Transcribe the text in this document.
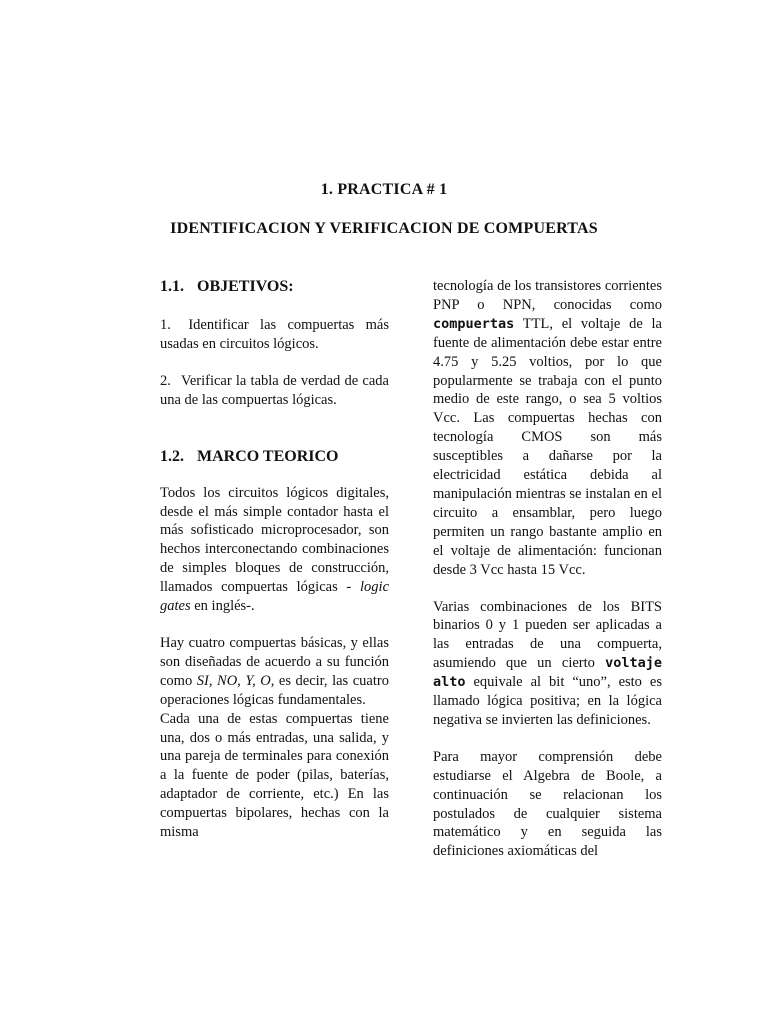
1. PRACTICA # 1
IDENTIFICACION Y VERIFICACION DE COMPUERTAS
1.1. OBJETIVOS:

1. Identificar las compuertas más usadas en circuitos lógicos.

2. Verificar la tabla de verdad de cada una de las compuertas lógicas.

1.2. MARCO TEORICO

Todos los circuitos lógicos digitales, desde el más simple contador hasta el más sofisticado microprocesador, son hechos interconectando combinaciones de simples bloques de construcción, llamados compuertas lógicas - logic gates en inglés-.

Hay cuatro compuertas básicas, y ellas son diseñadas de acuerdo a su función como SI, NO, Y, O, es decir, las cuatro operaciones lógicas fundamentales.

Cada una de estas compuertas tiene una, dos o más entradas, una salida, y una pareja de terminales para conexión a la fuente de poder (pilas, baterías, adaptador de corriente, etc.) En las compuertas bipolares, hechas con la misma

tecnología de los transistores corrientes PNP o NPN, conocidas como compuertas TTL, el voltaje de la fuente de alimentación debe estar entre 4.75 y 5.25 voltios, por lo que popularmente se trabaja con el punto medio de este rango, o sea 5 voltios Vcc. Las compuertas hechas con tecnología CMOS son más susceptibles a dañarse por la electricidad estática debida al manipulación mientras se instalan en el circuito a ensamblar, pero luego permiten un rango bastante amplio en el voltaje de alimentación: funcionan desde 3 Vcc hasta 15 Vcc.

Varias combinaciones de los BITS binarios 0 y 1 pueden ser aplicadas a las entradas de una compuerta, asumiendo que un cierto voltaje alto equivale al bit “uno”, esto es llamado lógica positiva; en la lógica negativa se invierten las definiciones.

Para mayor comprensión debe estudiarse el Algebra de Boole, a continuación se relacionan los postulados de cualquier sistema matemático y en seguida las definiciones axiomáticas del
